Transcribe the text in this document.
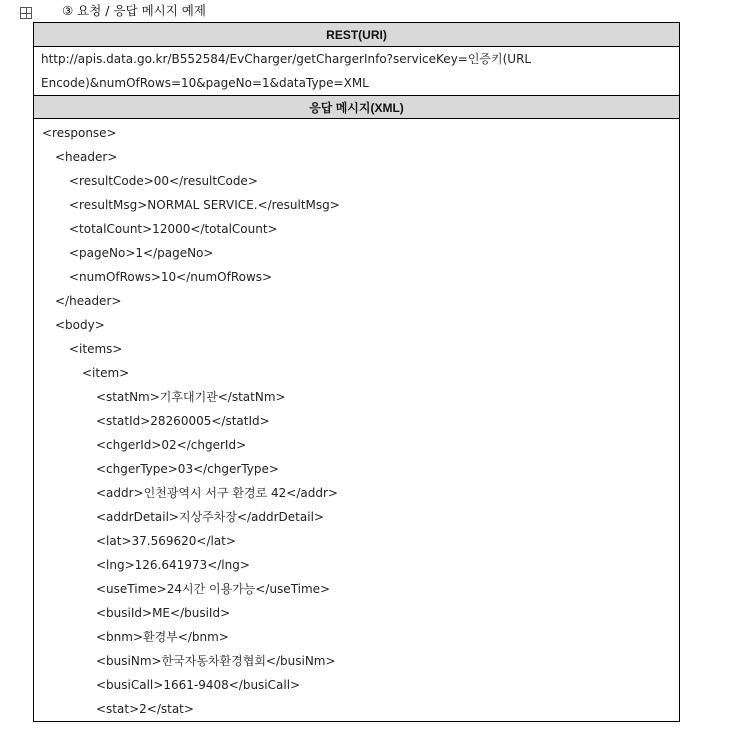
③ 요청 / 응답 메시지 예제
REST(URI)
http://apis.data.go.kr/B552584/EvCharger/getChargerInfo?serviceKey=인증키(URL
Encode)&numOfRows=10&pageNo=1&dataType=XML
응답 메시지(XML)
<response>
<header>
<resultCode>00</resultCode>
<resultMsg>NORMAL SERVICE.</resultMsg>
<totalCount>12000</totalCount>
<pageNo>1</pageNo>
<numOfRows>10</numOfRows>
</header>
<body>
<items>
<item>
<statNm>기후대기관</statNm>
<statId>28260005</statId>
<chgerId>02</chgerId>
<chgerType>03</chgerType>
<addr>인천광역시 서구 환경로 42</addr>
<addrDetail>지상주차장</addrDetail>
<lat>37.569620</lat>
<lng>126.641973</lng>
<useTime>24시간 이용가능</useTime>
<busiId>ME</busiId>
<bnm>환경부</bnm>
<busiNm>한국자동차환경협회</busiNm>
<busiCall>1661-9408</busiCall>
<stat>2</stat>
